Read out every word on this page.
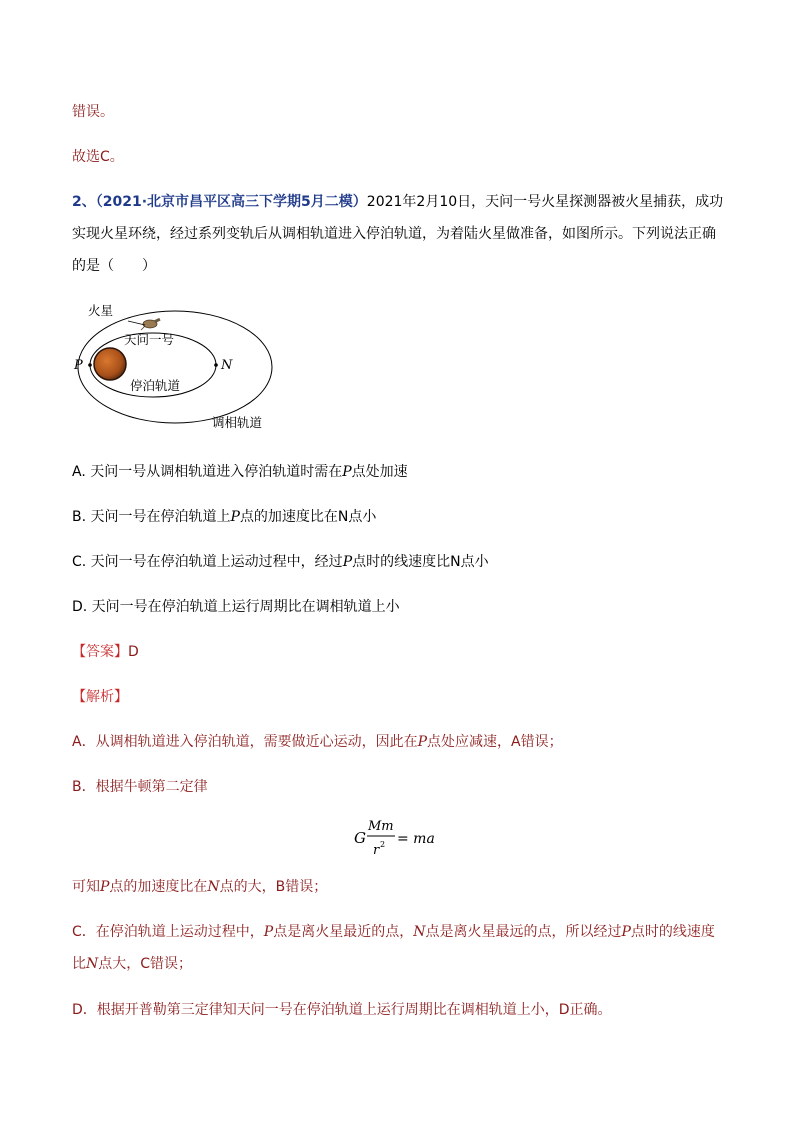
错误。
故选C。
2、（2021·北京市昌平区高三下学期5月二模）2021年2月10日，天问一号火星探测器被火星捕获，成功
实现火星环绕，经过系列变轨后从调相轨道进入停泊轨道，为着陆火星做准备，如图所示。下列说法正确
的是（　　）
火星
天问一号
P	N
停泊轨道
调相轨道
A. 天问一号从调相轨道进入停泊轨道时需在P点处加速
B. 天问一号在停泊轨道上P点的加速度比在N点小
C. 天问一号在停泊轨道上运动过程中，经过P点时的线速度比N点小
D. 天问一号在停泊轨道上运行周期比在调相轨道上小
【答案】D
【解析】
A．从调相轨道进入停泊轨道，需要做近心运动，因此在P点处应减速，A错误；
B．根据牛顿第二定律
G
Mm
r 2 = ma
可知P点的加速度比在N点的大，B错误；
C．在停泊轨道上运动过程中，P点是离火星最近的点，N点是离火星最远的点，所以经过P点时的线速度
比N点大，C错误；
D．根据开普勒第三定律知天问一号在停泊轨道上运行周期比在调相轨道上小，D正确。
